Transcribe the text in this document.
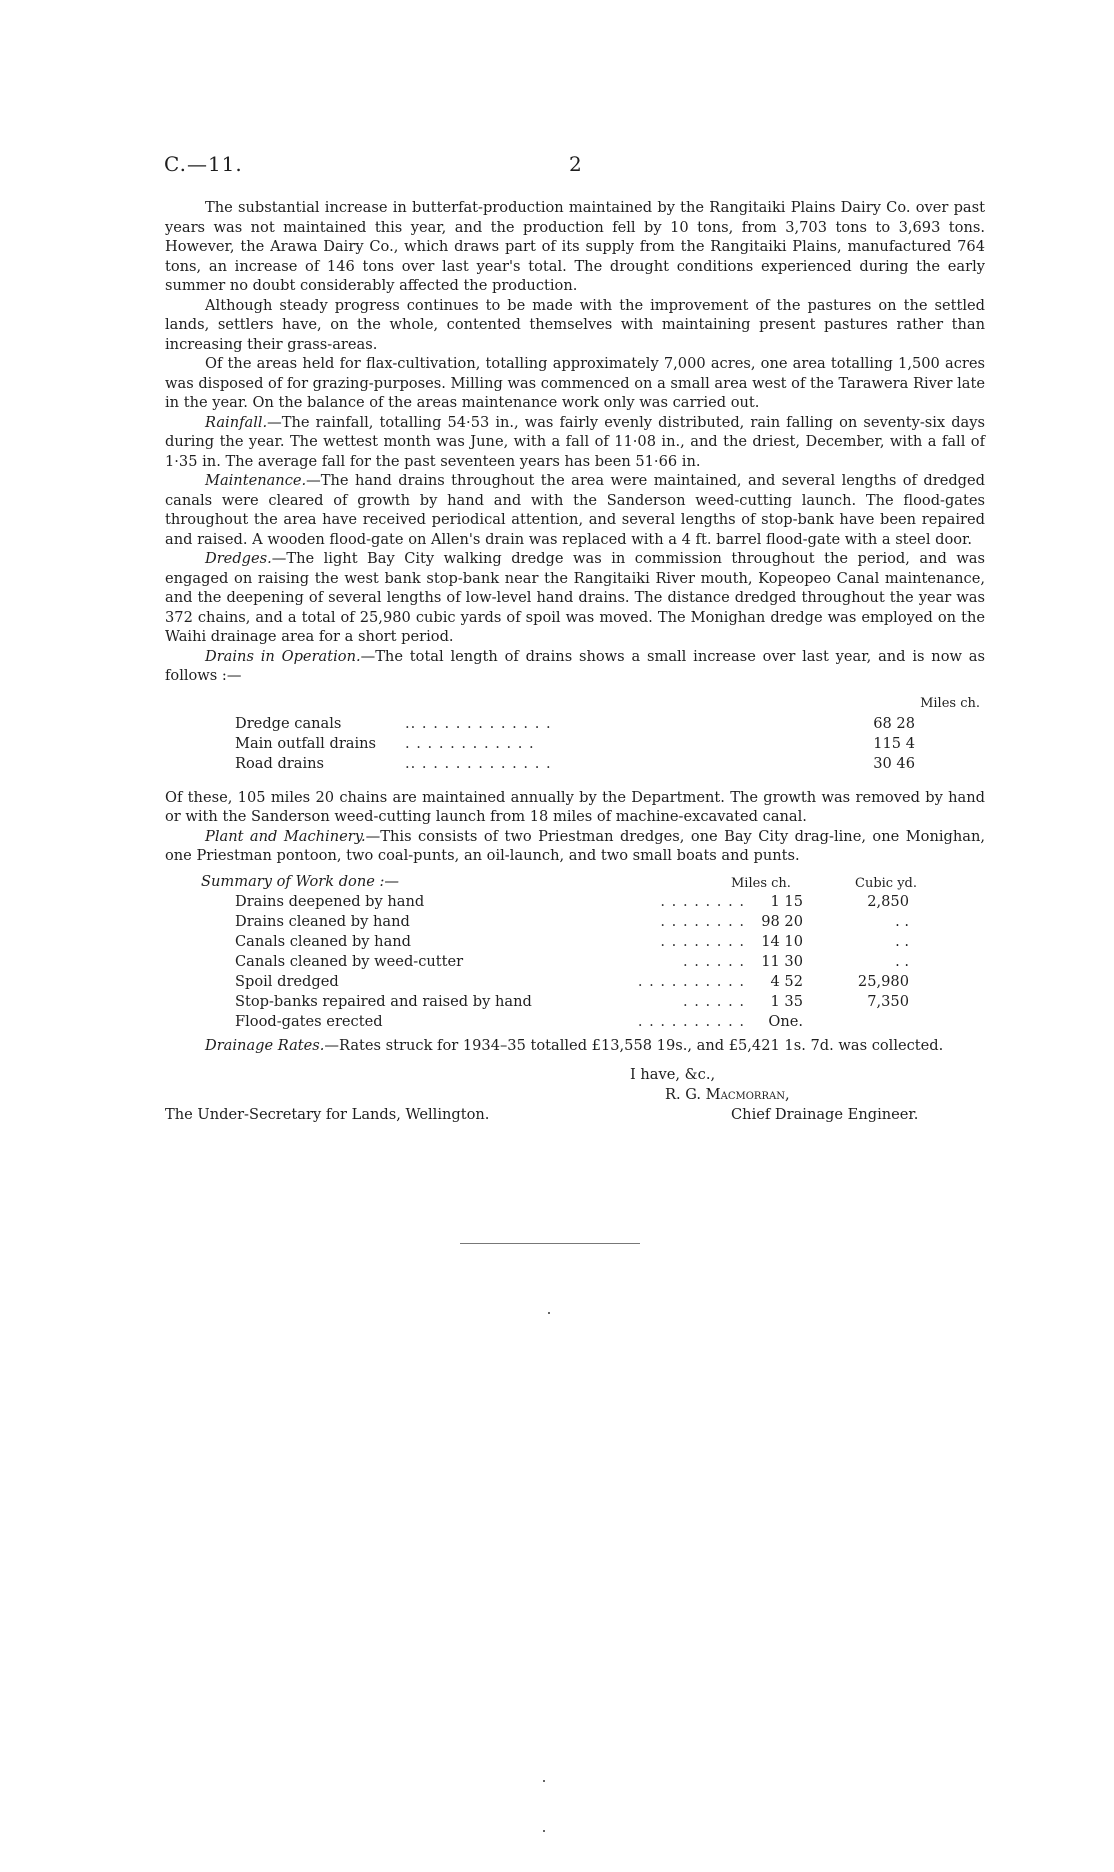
C.—11.	2

The substantial increase in butterfat-production maintained by the Rangitaiki Plains Dairy Co. over past years was not maintained this year, and the production fell by 10 tons, from 3,703 tons to 3,693 tons. However, the Arawa Dairy Co., which draws part of its supply from the Rangitaiki Plains, manufactured 764 tons, an increase of 146 tons over last year's total. The drought conditions experienced during the early summer no doubt considerably affected the production.

Although steady progress continues to be made with the improvement of the pastures on the settled lands, settlers have, on the whole, contented themselves with maintaining present pastures rather than increasing their grass-areas.

Of the areas held for flax-cultivation, totalling approximately 7,000 acres, one area totalling 1,500 acres was disposed of for grazing-purposes. Milling was commenced on a small area west of the Tarawera River late in the year. On the balance of the areas maintenance work only was carried out.

Rainfall.—The rainfall, totalling 54·53 in., was fairly evenly distributed, rain falling on seventy-six days during the year. The wettest month was June, with a fall of 11·08 in., and the driest, December, with a fall of 1·35 in. The average fall for the past seventeen years has been 51·66 in.

Maintenance.—The hand drains throughout the area were maintained, and several lengths of dredged canals were cleared of growth by hand and with the Sanderson weed-cutting launch. The flood-gates throughout the area have received periodical attention, and several lengths of stop-bank have been repaired and raised. A wooden flood-gate on Allen's drain was replaced with a 4 ft. barrel flood-gate with a steel door.

Dredges.—The light Bay City walking dredge was in commission throughout the period, and was engaged on raising the west bank stop-bank near the Rangitaiki River mouth, Kopeopeo Canal maintenance, and the deepening of several lengths of low-level hand drains. The distance dredged throughout the year was 372 chains, and a total of 25,980 cubic yards of spoil was moved. The Monighan dredge was employed on the Waihi drainage area for a short period.

Drains in Operation.—The total length of drains shows a small increase over last year, and is now as follows :—

Miles ch.
Dredge canals	.. . . . . . . . . . . . .	68 28
Main outfall drains . . . . . . . . . . . .	115 4
Road drains	.. . . . . . . . . . . . .	30 46

Of these, 105 miles 20 chains are maintained annually by the Department. The growth was removed by hand or with the Sanderson weed-cutting launch from 18 miles of machine-excavated canal.

Plant and Machinery.—This consists of two Priestman dredges, one Bay City drag-line, one Monighan, one Priestman pontoon, two coal-punts, an oil-launch, and two small boats and punts.

Summary of Work done :—	Miles ch.	Cubic yd.
Drains deepened by hand	. . . . . . . .	1 15	2,850
Drains cleaned by hand	. . . . . . . .	98 20	. .
Canals cleaned by hand	. . . . . . . .	14 10	. .
Canals cleaned by weed-cutter	. . . . . .	11 30	. .
Spoil dredged	. . . . . . . . . .	4 52	25,980
Stop-banks repaired and raised by hand	. . . . . .	1 35	7,350
Flood-gates erected	. . . . . . . . . .	One.

Drainage Rates.—Rates struck for 1934–35 totalled £13,558 19s., and £5,421 1s. 7d. was collected.

I have, &c.,
R. G. Macmorran,
The Under-Secretary for Lands, Wellington.	Chief Drainage Engineer.
